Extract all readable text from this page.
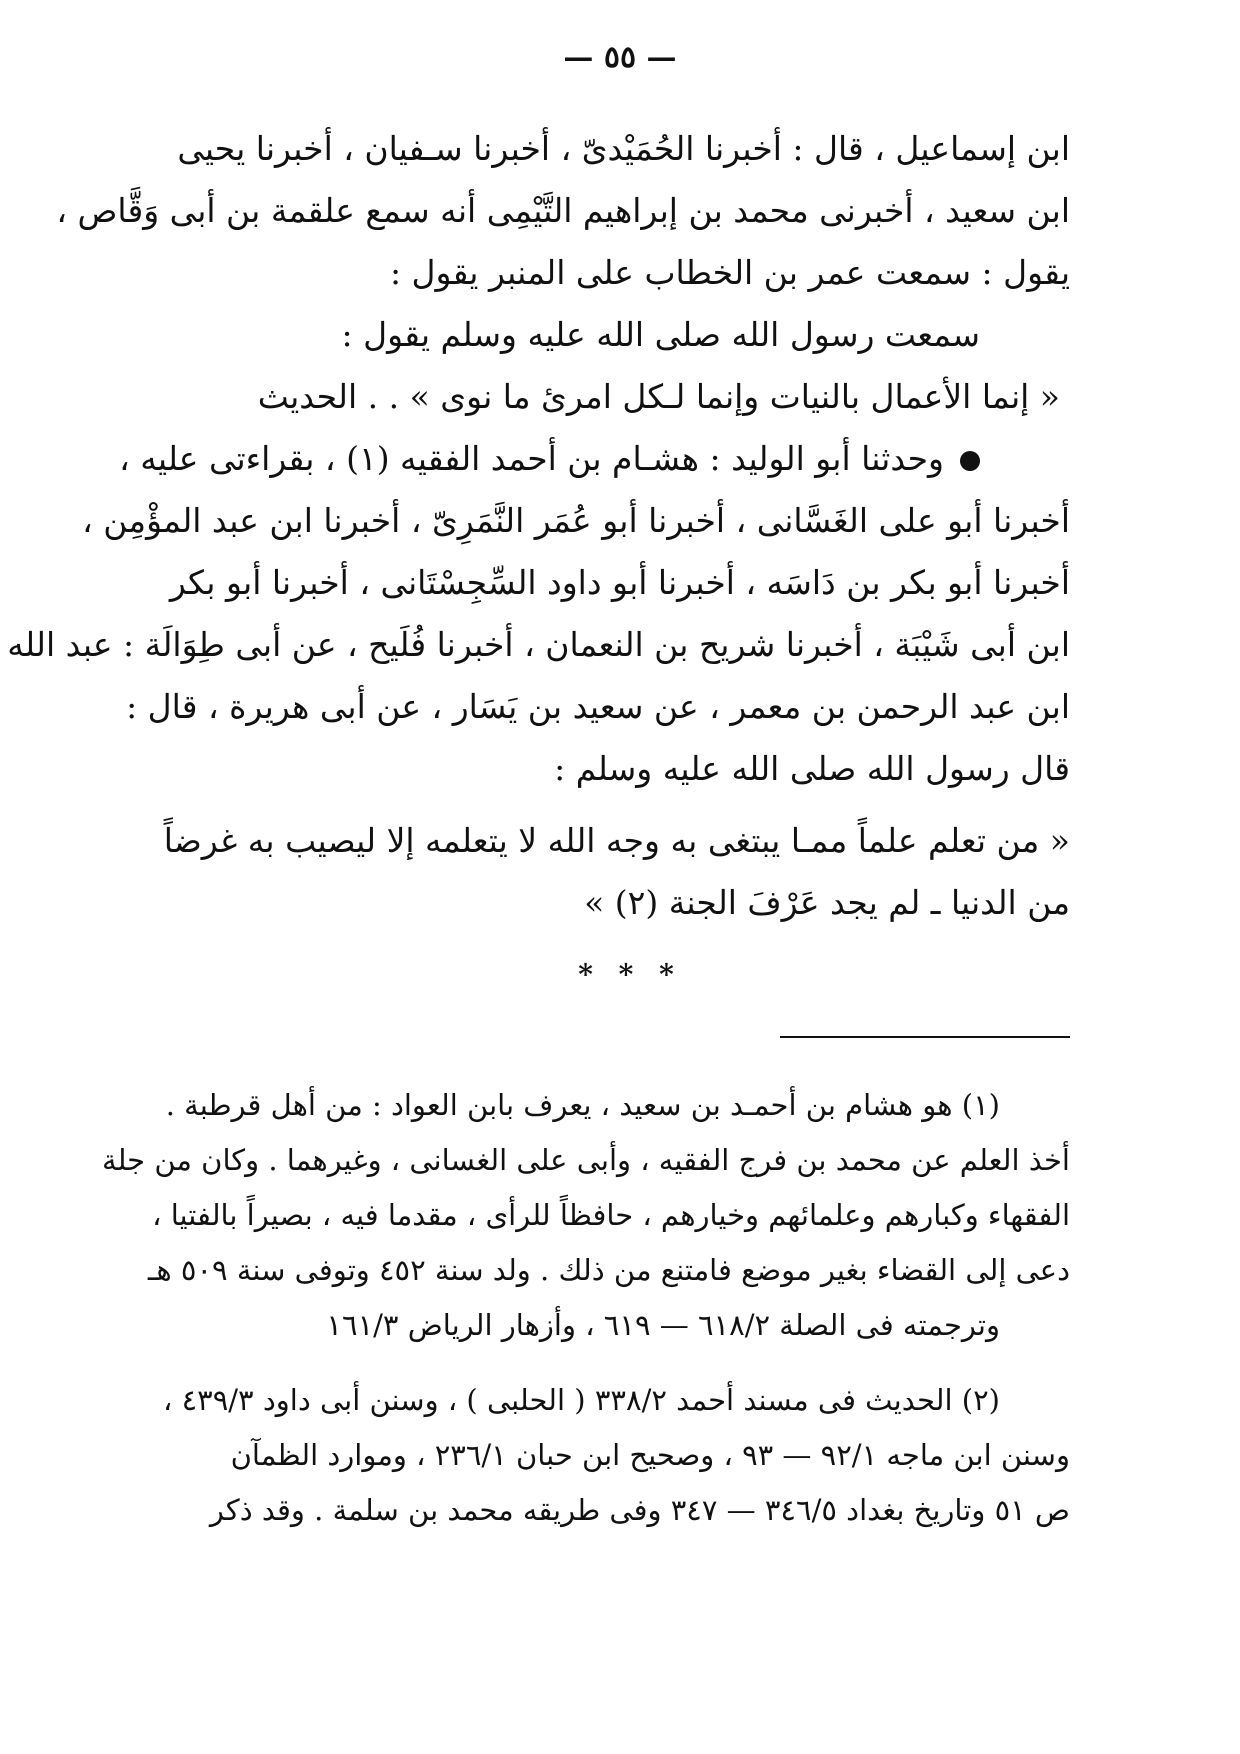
— ٥٥ —
ابن إسماعيل ، قال : أخبرنا الحُمَيْدىّ ، أخبرنا سـفيان ، أخبرنا يحيى
ابن سعيد ، أخبرنى محمد بن إبراهيم التَّيْمِى أنه سمع علقمة بن أبى وَقَّاص ،
يقول : سمعت عمر بن الخطاب على المنبر يقول :
سمعت رسول الله صلى الله عليه وسلم يقول :
« إنما الأعمال بالنيات وإنما لـكل امرئ ما نوى » . . الحديث
وحدثنا أبو الوليد : هشـام بن أحمد الفقيه (١) ، بقراءتى عليه ،
أخبرنا أبو على الغَسَّانى ، أخبرنا أبو عُمَر النَّمَرِىّ ، أخبرنا ابن عبد المؤْمِن ،
أخبرنا أبو بكر بن دَاسَه ، أخبرنا أبو داود السِّجِسْتَانى ، أخبرنا أبو بكر
ابن أبى شَيْبَة ، أخبرنا شريح بن النعمان ، أخبرنا فُلَيح ، عن أبى طِوَالَة : عبد الله
ابن عبد الرحمن بن معمر ، عن سعيد بن يَسَار ، عن أبى هريرة ، قال :
قال رسول الله صلى الله عليه وسلم :
« من تعلم علماً ممـا يبتغى به وجه الله لا يتعلمه إلا ليصيب به غرضاً
من الدنيا ـ لم يجد عَرْفَ الجنة (٢) »
* * *
(١) هو هشام بن أحمـد بن سعيد ، يعرف بابن العواد : من أهل قرطبة .
أخذ العلم عن محمد بن فرج الفقيه ، وأبى على الغسانى ، وغيرهما . وكان من جلة
الفقهاء وكبارهم وعلمائهم وخيارهم ، حافظاً للرأى ، مقدما فيه ، بصيراً بالفتيا ،
دعى إلى القضاء بغير موضع فامتنع من ذلك . ولد سنة ٤٥٢ وتوفى سنة ٥٠٩ هـ
وترجمته فى الصلة ٦١٨/٢ — ٦١٩ ، وأزهار الرياض ١٦١/٣
(٢) الحديث فى مسند أحمد ٣٣٨/٢ ( الحلبى ) ، وسنن أبى داود ٤٣٩/٣ ،
وسنن ابن ماجه ٩٢/١ — ٩٣ ، وصحيح ابن حبان ٢٣٦/١ ، وموارد الظمآن
ص ٥١ وتاريخ بغداد ٣٤٦/٥ — ٣٤٧ وفى طريقه محمد بن سلمة . وقد ذكر
